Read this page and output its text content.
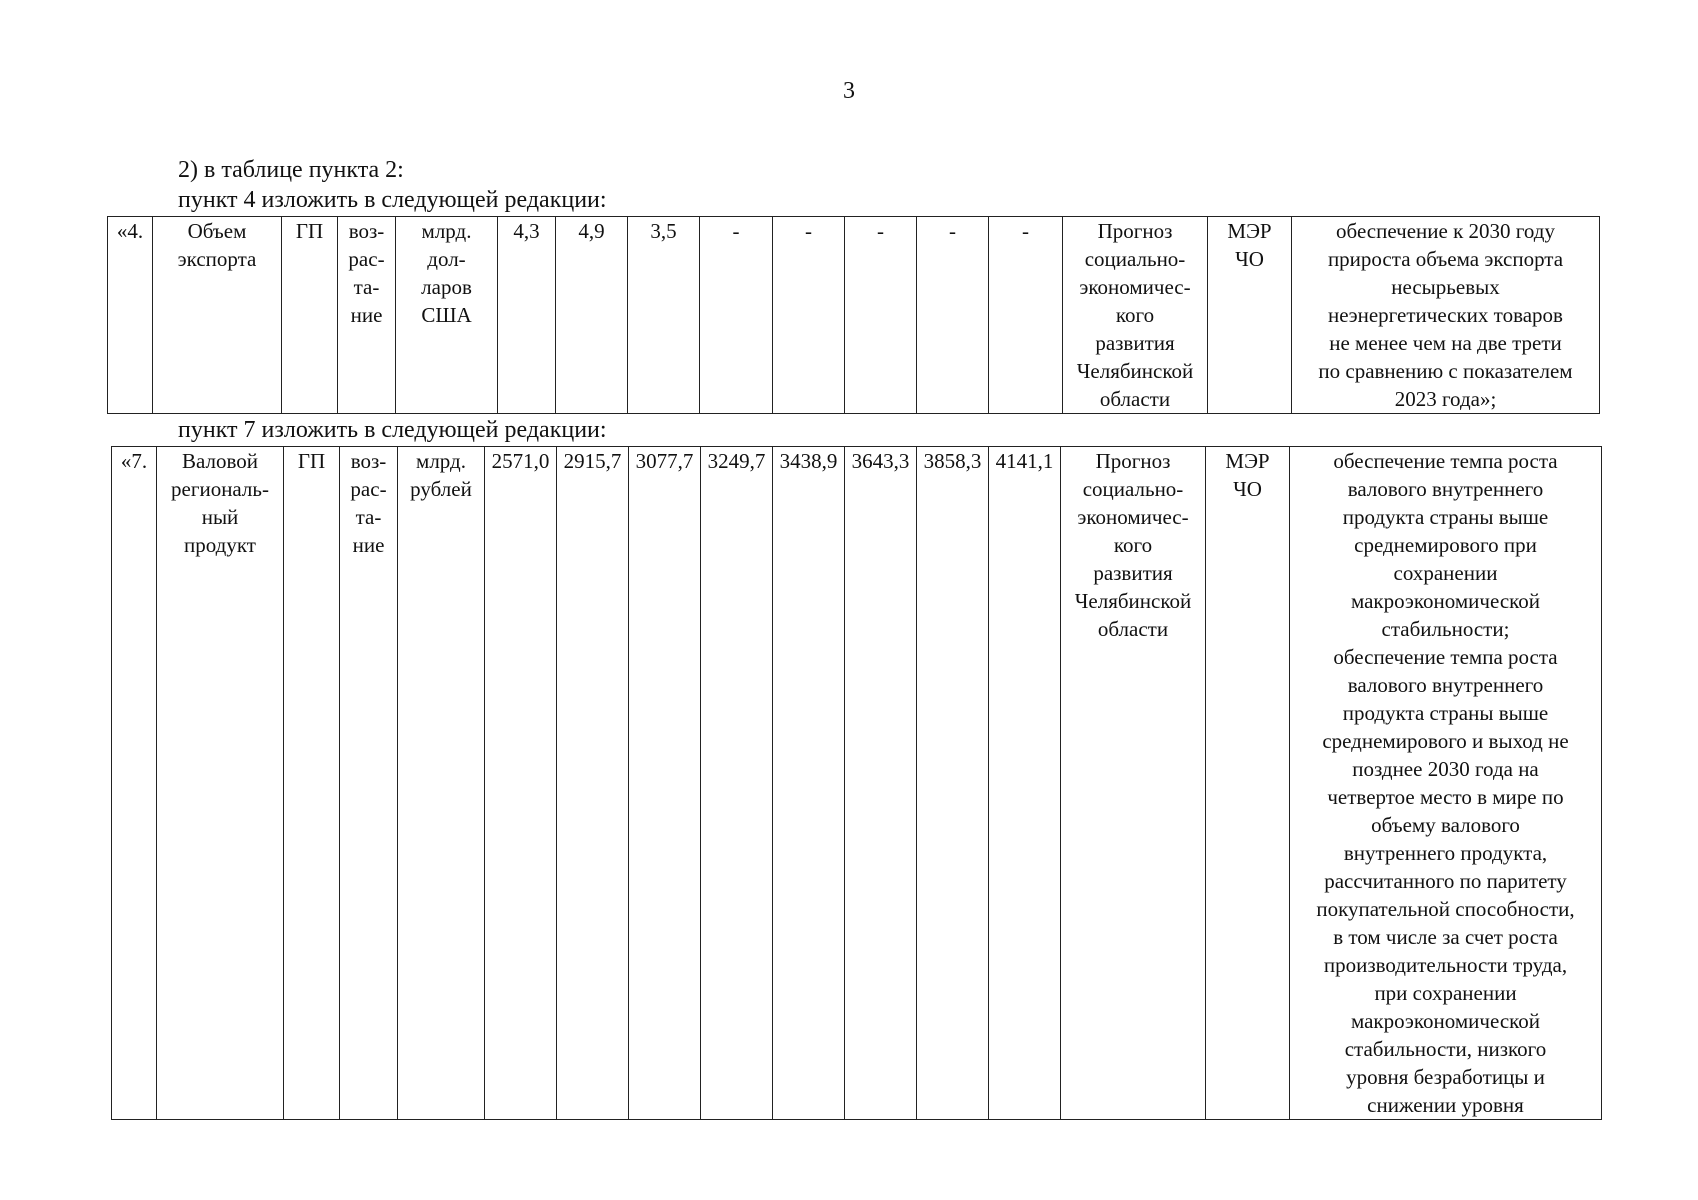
3
2) в таблице пункта 2:
пункт 4 изложить в следующей редакции:
«4.	Объем экспорта	ГП	воз-
рас-
та-
ние	млрд.
дол-
ларов
США	4,3	4,9	3,5	-	-	-	-	-	Прогноз
социально-
экономичес-
кого
развития
Челябинской
области	МЭР
ЧО	обеспечение к 2030 году
прироста объема экспорта
несырьевых
неэнергетических товаров
не менее чем на две трети
по сравнению с показателем
2023 года»;
пункт 7 изложить в следующей редакции:
«7.	Валовой
региональ-
ный
продукт	ГП	воз-
рас-
та-
ние	млрд.
рублей	2571,0	2915,7	3077,7	3249,7	3438,9	3643,3	3858,3	4141,1	Прогноз
социально-
экономичес-
кого
развития
Челябинской
области	МЭР
ЧО	обеспечение темпа роста
валового внутреннего
продукта страны выше
среднемирового при
сохранении
макроэкономической
стабильности;
обеспечение темпа роста
валового внутреннего
продукта страны выше
среднемирового и выход не
позднее 2030 года на
четвертое место в мире по
объему валового
внутреннего продукта,
рассчитанного по паритету
покупательной способности,
в том числе за счет роста
производительности труда,
при сохранении
макроэкономической
стабильности, низкого
уровня безработицы и
снижении уровня
